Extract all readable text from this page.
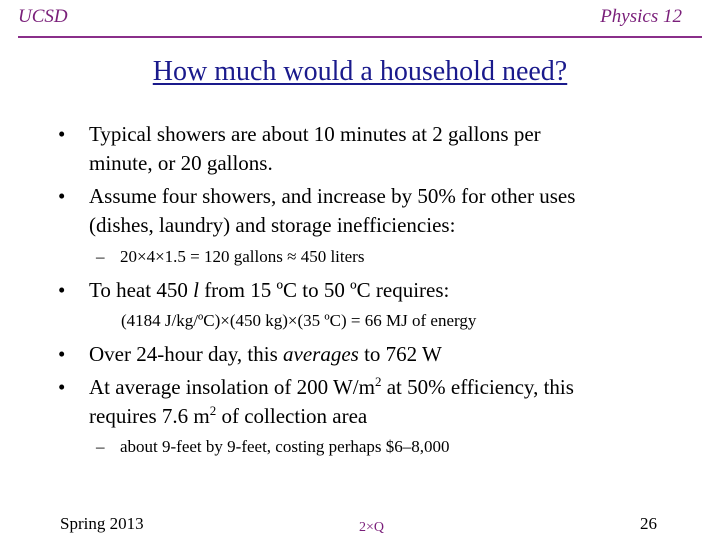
UCSD	Physics 12
How much would a household need?
•	Typical showers are about 10 minutes at 2 gallons per
minute, or 20 gallons.
•	Assume four showers, and increase by 50% for other uses
(dishes, laundry) and storage inefficiencies:
– 20×4×1.5 = 120 gallons ≈ 450 liters
•	To heat 450 l from 15 ºC to 50 ºC requires:
(4184 J/kg/ºC)×(450 kg)×(35 ºC) = 66 MJ of energy
•	Over 24-hour day, this averages to 762 W
•	At average insolation of 200 $W/m^2$ at 50% efficiency, this
requires 7.6 $m^2$ of collection area
– about 9-feet by 9-feet, costing perhaps $6–8,000
Spring 2013	2×Q	26
